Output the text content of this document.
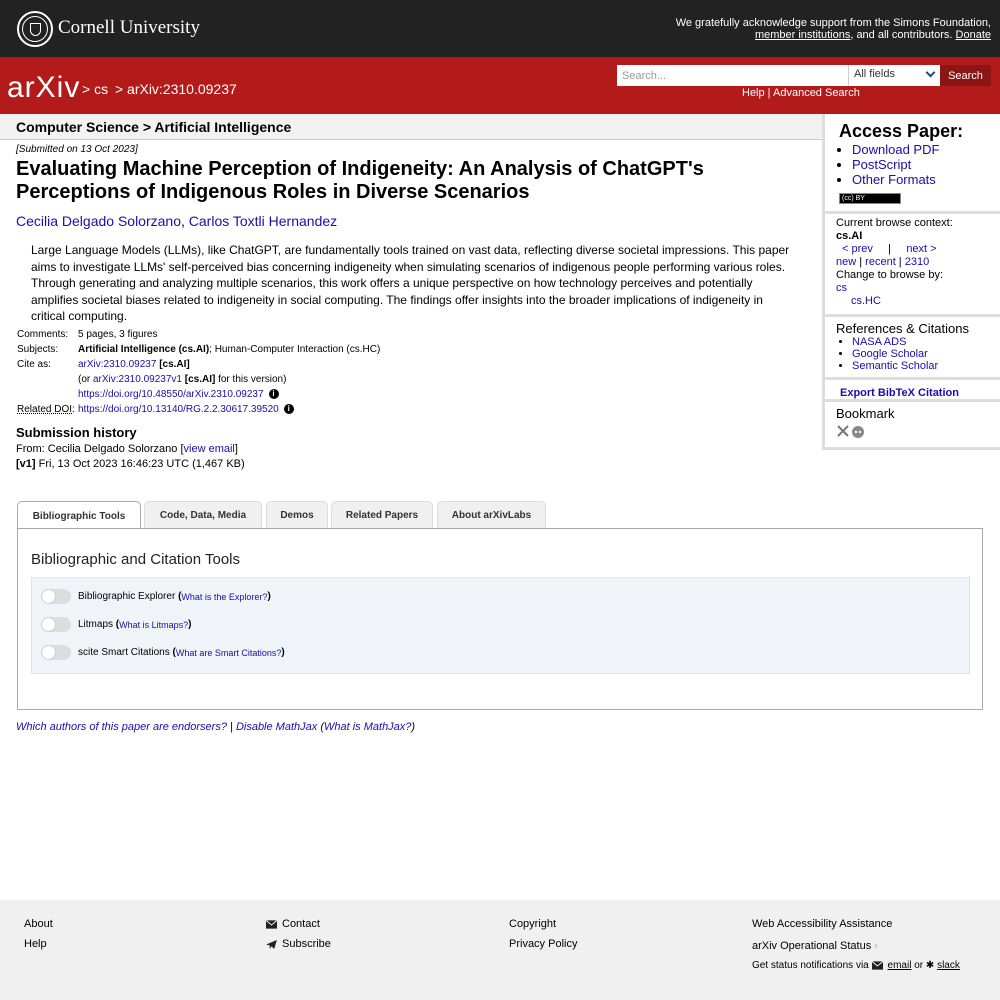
Cornell University	We gratefully acknowledge support from the Simons Foundation,
member institutions, and all contributors. Donate
arXiv > cs > arXiv:2310.09237
Search...	All fields	Search
Help | Advanced Search
Computer Science > Artificial Intelligence
[Submitted on 13 Oct 2023]
Evaluating Machine Perception of Indigeneity: An Analysis of ChatGPT's Perceptions of Indigenous Roles in Diverse Scenarios
Cecilia Delgado Solorzano, Carlos Toxtli Hernandez
Large Language Models (LLMs), like ChatGPT, are fundamentally tools trained on vast data, reflecting diverse societal impressions. This paper aims to investigate LLMs' self-perceived bias concerning indigeneity when simulating scenarios of indigenous people performing various roles. Through generating and analyzing multiple scenarios, this work offers a unique perspective on how technology perceives and potentially amplifies societal biases related to indigeneity in social computing. The findings offer insights into the broader implications of indigeneity in critical computing.
Comments:	5 pages, 3 figures
Subjects:	Artificial Intelligence (cs.AI); Human-Computer Interaction (cs.HC)
Cite as:	arXiv:2310.09237 [cs.AI]
	(or arXiv:2310.09237v1 [cs.AI] for this version)
	https://doi.org/10.48550/arXiv.2310.09237 i
Related DOI:	https://doi.org/10.13140/RG.2.2.30617.39520 i
Submission history
From: Cecilia Delgado Solorzano [view email]
[v1] Fri, 13 Oct 2023 16:46:23 UTC (1,467 KB)
Access Paper:
• Download PDF
• PostScript
• Other Formats
(cc) BY
Current browse context:
cs.AI
< prev | next >
new | recent | 2310
Change to browse by:
cs
cs.HC
References & Citations
• NASA ADS
• Google Scholar
• Semantic Scholar
Export BibTeX Citation
Bookmark
Bibliographic Tools	Code, Data, Media	Demos	Related Papers	About arXivLabs
Bibliographic and Citation Tools
Bibliographic Explorer
( What is the Explorer? )
Litmaps
( What is Litmaps? )
scite Smart Citations
( What are Smart Citations? )
Which authors of this paper are endorsers? | Disable MathJax (What is MathJax?)
About
Help
Contact
Subscribe
Copyright
Privacy Policy
Web Accessibility Assistance
arXiv Operational Status ›
Get status notifications via email or ✱ slack
